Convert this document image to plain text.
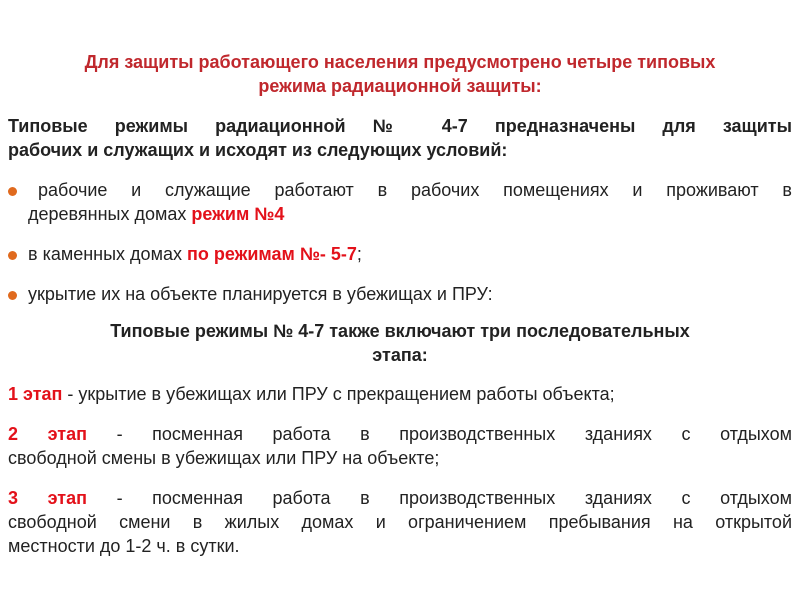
Для защиты работающего населения предусмотрено четыре типовых
режима радиационной защиты:
Типовые режимы радиационной № 4-7 предназначены для защиты
рабочих и служащих и исходят из следующих условий:
рабочие и служащие работают в рабочих помещениях и проживают в
деревянных домах режим №4
в каменных домах по режимам №- 5-7;
укрытие их на объекте планируется в убежищах и ПРУ:
Типовые режимы № 4-7 также включают три последовательных
этапа:
1 этап - укрытие в убежищах или ПРУ с прекращением работы объекта;
2 этап - посменная работа в производственных зданиях с отдыхом
свободной смены в убежищах или ПРУ на объекте;
3 этап - посменная работа в производственных зданиях с отдыхом
свободной смени в жилых домах и ограничением пребывания на открытой
местности до 1-2 ч. в сутки.
